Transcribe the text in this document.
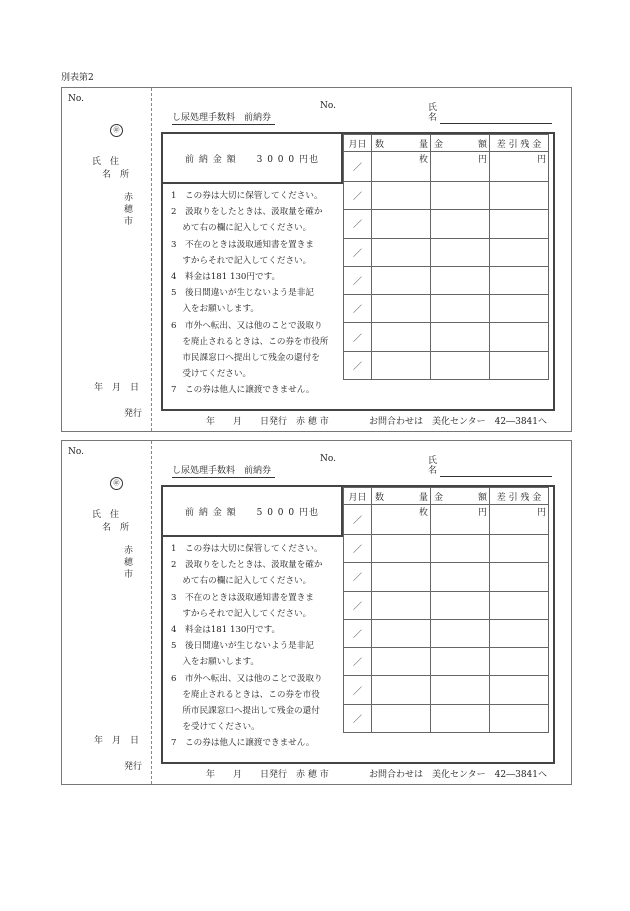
別表第2
No.
㊞
氏　住
名　所
赤穂市
年　月　日
発行
し尿処理手数料　前納券
No.	氏
名
前 納 金 額　　3 0 0 0 円也
1　この券は大切に保管してください。
2　汲取りをしたときは、汲取量を確か
　 めて右の欄に記入してください。
3　不在のときは汲取通知書を置きま
　 すからそれで記入してください。
4　料金は181 130円です。
5　後日間違いが生じないよう是非記
　 入をお願いします。
6　市外へ転出、又は他のことで汲取り
　 を廃止されるときは、この券を市役所
　 市民課窓口へ提出して残金の還付を
　 受けてください。
7　この券は他人に譲渡できません。
月日	数 量	金 額	差 引 残 金
／	枚	円	円
／			
／			
／			
／			
／			
／			
／			
年　　月　　日発行　赤 穂 市	お問合わせは　美化センター　42―3841へ
No.
㊞
氏　住
名　所
赤穂市
年　月　日
発行
し尿処理手数料　前納券
No.	氏
名
前 納 金 額　　5 0 0 0 円也
1　この券は大切に保管してください。
2　汲取りをしたときは、汲取量を確か
　 めて右の欄に記入してください。
3　不在のときは汲取通知書を置きま
　 すからそれで記入してください。
4　料金は181 130円です。
5　後日間違いが生じないよう是非記
　 入をお願いします。
6　市外へ転出、又は他のことで汲取り
　 を廃止されるときは、この券を市役
　 所市民課窓口へ提出して残金の還付
　 を受けてください。
7　この券は他人に譲渡できません。
月日	数 量	金 額	差 引 残 金
／	枚	円	円
／			
／			
／			
／			
／			
／			
／			
年　　月　　日発行　赤 穂 市	お問合わせは　美化センター　42―3841へ
